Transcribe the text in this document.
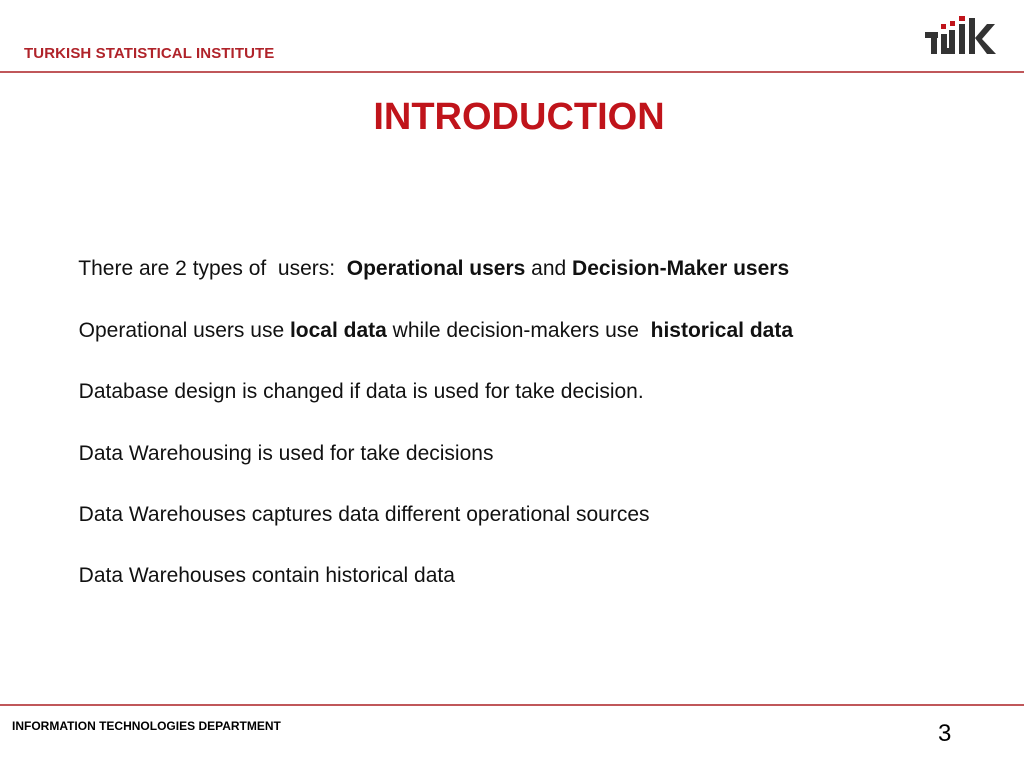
TURKISH STATISTICAL INSTITUTE
INTRODUCTION

There are 2 types of  users:  Operational users and Decision-Maker users

Operational users use local data while decision-makers use  historical data

Database design is changed if data is used for take decision.

Data Warehousing is used for take decisions

Data Warehouses captures data different operational sources

Data Warehouses contain historical data

INFORMATION TECHNOLOGIES DEPARTMENT	3
